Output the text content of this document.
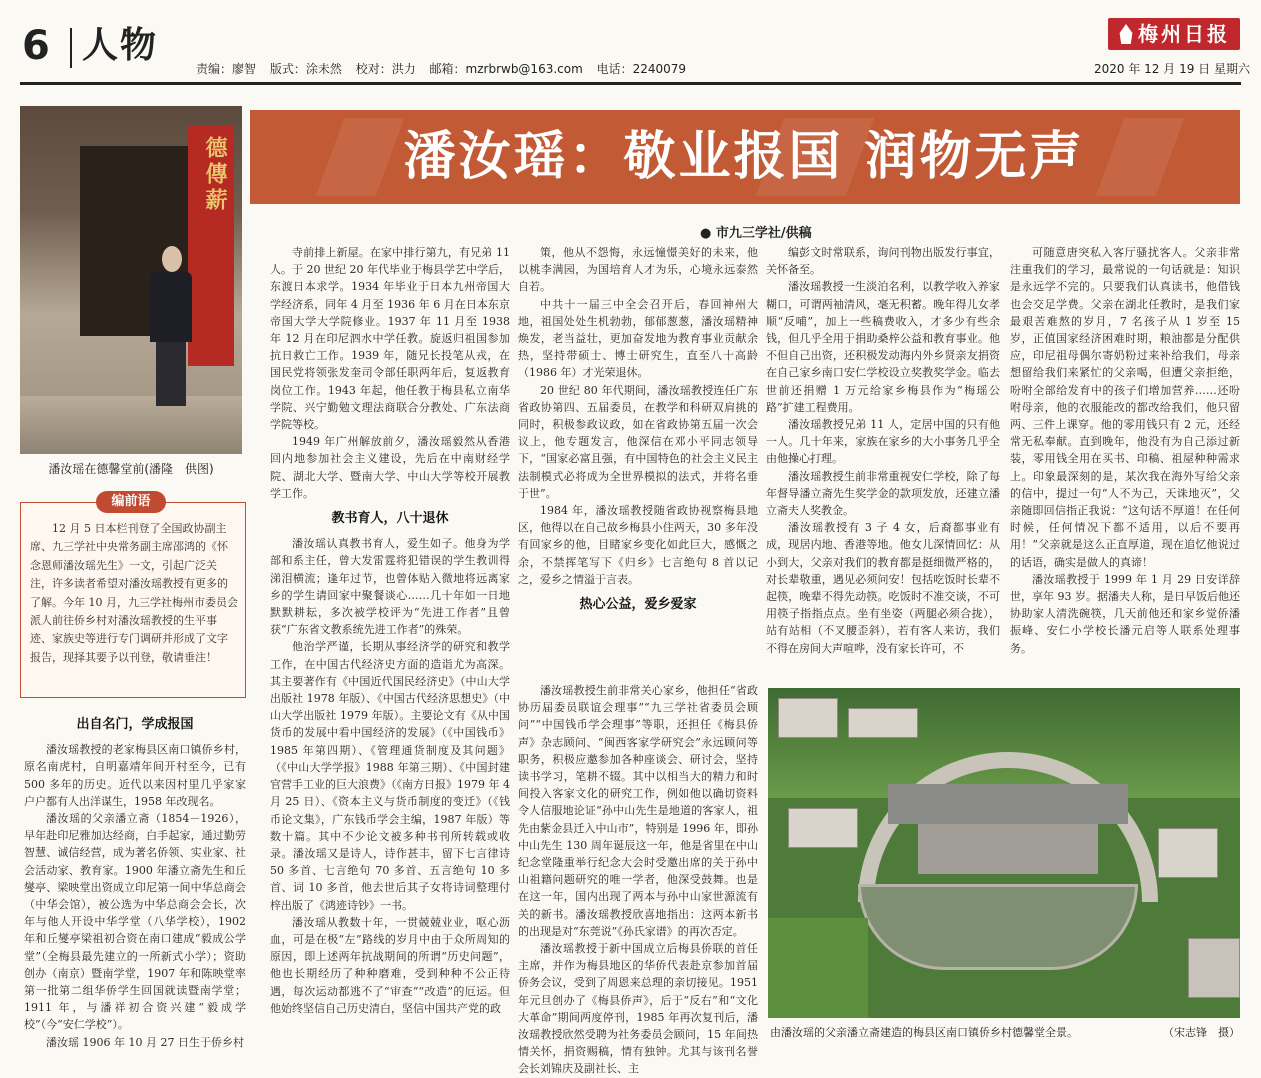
6 人物
责编：廖智 版式：涂未然 校对：洪力 邮箱：mzrbrwb@163.com 电话：2240079
梅州日报
2020 年 12 月 19 日 星期六
德傳薪
潘汝瑶在德馨堂前(潘隆　供图)
编前语
12 月 5 日本栏刊登了全国政协副主席、九三学社中央常务副主席邵鸿的《怀念恩师潘汝瑶先生》一文，引起广泛关注，许多读者希望对潘汝瑶教授有更多的了解。今年 10 月，九三学社梅州市委员会派人前往侨乡村对潘汝瑶教授的生平事迹、家族史等进行专门调研并形成了文字报告，现择其要予以刊登，敬请垂注！
潘汝瑶：敬业报国 润物无声
● 市九三学社/供稿
出自名门，学成报国

潘汝瑶教授的老家梅县区南口镇侨乡村，原名南虎村，自明嘉靖年间开村至今，已有 500 多年的历史。近代以来因村里几乎家家户户都有人出洋谋生，1958 年改现名。

潘汝瑶的父亲潘立斋（1854－1926），早年赴印尼雅加达经商，白手起家，通过勤劳智慧、诚信经营，成为著名侨领、实业家、社会活动家、教育家。1900 年潘立斋先生和丘燮亭、梁映堂出资成立印尼第一间中华总商会（中华会馆），被公选为中华总商会会长，次年与他人开设中华学堂（八华学校），1902 年和丘燮亭梁祖初合资在南口建成“毅成公学堂”（全梅县最先建立的一所新式小学）；资助创办（南京）暨南学堂，1907 年和陈映堂率第一批第二组华侨学生回国就读暨南学堂；1911 年，与潘祥初合资兴建“毅成学校”（今“安仁学校”）。

潘汝瑶 1906 年 10 月 27 日生于侨乡村

寺前排上新屋。在家中排行第九，有兄弟 11 人。于 20 世纪 20 年代毕业于梅县学艺中学后，东渡日本求学。1934 年毕业于日本九州帝国大学经济系，同年 4 月至 1936 年 6 月在日本东京帝国大学大学院修业。1937 年 11 月至 1938 年 12 月在印尼泗水中学任教。旋返归祖国参加抗日救亡工作。1939 年，随兄长投笔从戎，在国民党将领张发奎司令部任职两年后，复返教育岗位工作。1943 年起，他任教于梅县私立南华学院、兴宁勤勉文理法商联合分教处、广东法商学院等校。

1949 年广州解放前夕，潘汝瑶毅然从香港回内地参加社会主义建设，先后在中南财经学院、湖北大学、暨南大学、中山大学等校开展教学工作。

教书育人，八十退休

潘汝瑶认真教书育人，爱生如子。他身为学部和系主任，曾大发雷霆将犯错误的学生教训得涕泪横流；逢年过节，也曾体贴入微地将远离家乡的学生请回家中聚餐谈心……几十年如一日地默默耕耘，多次被学校评为“先进工作者”且曾获“广东省文教系统先进工作者”的殊荣。

他治学严谨，长期从事经济学的研究和教学工作，在中国古代经济史方面的造诣尤为高深。其主要著作有《中国近代国民经济史》（中山大学出版社 1978 年版）、《中国古代经济思想史》（中山大学出版社 1979 年版）。主要论文有《从中国货币的发展中看中国经济的发展》（《中国钱币》1985 年第四期）、《管理通货制度及其问题》（《中山大学学报》1988 年第三期）、《中国封建官营手工业的巨大浪费》（《南方日报》1979 年 4 月 25 日）、《资本主义与货币制度的变迁》（《钱币论文集》，广东钱币学会主编，1987 年版）等数十篇。其中不少论文被多种书刊所转载或收录。潘汝瑶又是诗人，诗作甚丰，留下七言律诗 50 多首、七言绝句 70 多首、五言绝句 10 多首、词 10 多首，他去世后其子女将诗词整理付梓出版了《鸿迹诗钞》一书。

潘汝瑶从教数十年，一贯兢兢业业，呕心沥血，可是在极“左”路线的岁月中由于众所周知的原因，即上述两年抗战期间的所谓“历史问题”，他也长期经历了种种磨难，受到种种不公正待遇，每次运动都逃不了“审查”“改造”的厄运。但他始终坚信自己历史清白，坚信中国共产党的政

策，他从不怨悔，永远憧憬美好的未来，他以桃李满园，为国培育人才为乐，心境永远泰然自若。

中共十一届三中全会召开后，春回神州大地，祖国处处生机勃勃，郁郁葱葱，潘汝瑶精神焕发，老当益壮，更加奋发地为教育事业贡献余热，坚持带硕士、博士研究生，直至八十高龄（1986 年）才光荣退休。

20 世纪 80 年代期间，潘汝瑶教授连任广东省政协第四、五届委员，在教学和科研双肩挑的同时，积极参政议政，如在省政协第五届一次会议上，他专题发言，他深信在邓小平同志领导下，“国家必富且强，有中国特色的社会主义民主法制模式必将成为全世界模拟的法式，并将名垂于世”。

1984 年，潘汝瑶教授随省政协视察梅县地区，他得以在自己故乡梅县小住两天，30 多年没有回家乡的他，目睹家乡变化如此巨大，感慨之余，不禁挥笔写下《归乡》七言绝句 8 首以记之，爱乡之情溢于言表。

热心公益，爱乡爱家

潘汝瑶教授生前非常关心家乡，他担任“省政协历届委员联谊会理事”“九三学社省委员会顾问”“中国钱币学会理事”等职，还担任《梅县侨声》杂志顾问、“闽西客家学研究会”永远顾问等职务，积极应邀参加各种座谈会、研讨会，坚持读书学习，笔耕不辍。其中以相当大的精力和时间投入客家文化的研究工作，例如他以确切资料令人信服地论证“孙中山先生是地道的客家人，祖先由紫金县迁入中山市”，特别是 1996 年，即孙中山先生 130 周年诞辰这一年，他是省里在中山纪念堂隆重举行纪念大会时受邀出席的关于孙中山祖籍问题研究的唯一学者，他深受鼓舞。也是在这一年，国内出现了两本与孙中山家世源流有关的新书。潘汝瑶教授欣喜地指出：这两本新书的出现是对“东莞说”《孙氏家谱》的再次否定。

潘汝瑶教授于新中国成立后梅县侨联的首任主席，并作为梅县地区的华侨代表赴京参加首届侨务会议，受到了周恩来总理的亲切接见。1951 年元旦创办了《梅县侨声》，后于“反右”和“文化大革命”期间两度停刊，1985 年再次复刊后，潘汝瑶教授欣然受聘为社务委员会顾问，15 年间热情关怀，捐资赐稿，情有独钟。尤其与该刊名誉会长刘锦庆及副社长、主

编彭文时常联系，询问刊物出版发行事宜，关怀备至。

潘汝瑶教授一生淡泊名利，以教学收入养家糊口，可谓两袖清风，毫无积蓄。晚年得儿女孝顺“反哺”，加上一些稿费收入，才多少有些余钱，但几乎全用于捐助桑梓公益和教育事业。他不但自己出资，还积极发动海内外乡贤亲友捐资在自己家乡南口安仁学校设立奖教奖学金。临去世前还捐赠 1 万元给家乡梅县作为“梅瑶公路”扩建工程费用。

潘汝瑶教授兄弟 11 人，定居中国的只有他一人。几十年来，家族在家乡的大小事务几乎全由他操心打理。

潘汝瑶教授生前非常重视安仁学校，除了每年督导潘立斋先生奖学金的款项发放，还建立潘立斋夫人奖教金。

潘汝瑶教授有 3 子 4 女，后裔都事业有成，现居内地、香港等地。他女儿深情回忆：从小到大，父亲对我们的教育都是挺细微严格的，对长辈敬重，遇见必须问安！包括吃饭时长辈不起筷，晚辈不得先动筷。吃饭时不准交谈，不可用筷子指指点点。坐有坐姿（两腿必须合拢），站有站相（不叉腰歪斜），若有客人来访，我们不得在房间大声喧哗，没有家长许可，不

可随意唐突私入客厅骚扰客人。父亲非常注重我们的学习，最常说的一句话就是：知识是永远学不完的。只要我们认真读书，他借钱也会交足学费。父亲在湖北任教时，是我们家最艰苦难熬的岁月，7 名孩子从 1 岁至 15 岁，正值国家经济困难时期，粮油都是分配供应，印尼祖母偶尔寄奶粉过来补给我们，母亲想留给我们来紧忙的父亲喝，但遭父亲拒绝，吩咐全部给发育中的孩子们增加营养……还吩咐母亲，他的衣服能改的都改给我们，他只留两、三件上课穿。他的零用钱只有 2 元，还经常无私奉献。直到晚年，他没有为自己添过新装，零用钱全用在买书、印稿、祖屋种种需求上。印象最深刻的是，某次我在海外写给父亲的信中，提过一句“人不为己，天诛地灭”，父亲随即回信指正我说：“这句话不厚道！在任何时候，任何情况下都不适用，以后不要再用！”父亲就是这么正直厚道，现在追忆他说过的话语，确实是做人的真谛！

潘汝瑶教授于 1999 年 1 月 29 日安详辞世，享年 93 岁。据潘夫人称，是日早饭后他还协助家人清洗碗筷，几天前他还和家乡觉侨潘振峰、安仁小学校长潘元启等人联系处理事务。

由潘汝瑶的父亲潘立斋建造的梅县区南口镇侨乡村德馨堂全景。	（宋志锋　摄）
